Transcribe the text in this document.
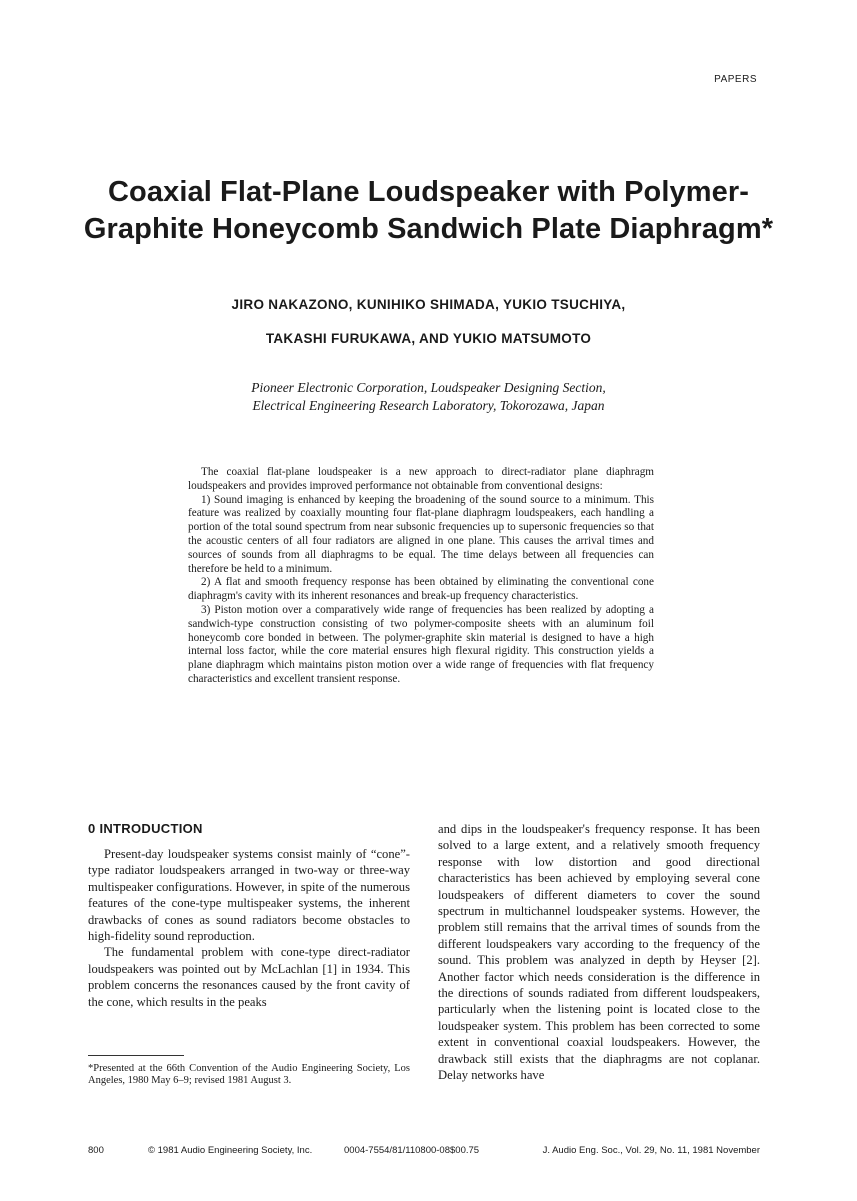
PAPERS
Coaxial Flat-Plane Loudspeaker with Polymer-Graphite Honeycomb Sandwich Plate Diaphragm*
JIRO NAKAZONO, KUNIHIKO SHIMADA, YUKIO TSUCHIYA,
TAKASHI FURUKAWA, AND YUKIO MATSUMOTO
Pioneer Electronic Corporation, Loudspeaker Designing Section,
Electrical Engineering Research Laboratory, Tokorozawa, Japan

The coaxial flat-plane loudspeaker is a new approach to direct-radiator plane diaphragm loudspeakers and provides improved performance not obtainable from conventional designs:

1) Sound imaging is enhanced by keeping the broadening of the sound source to a minimum. This feature was realized by coaxially mounting four flat-plane diaphragm loudspeakers, each handling a portion of the total sound spectrum from near subsonic frequencies up to supersonic frequencies so that the acoustic centers of all four radiators are aligned in one plane. This causes the arrival times and sources of sounds from all diaphragms to be equal. The time delays between all frequencies can therefore be held to a minimum.

2) A flat and smooth frequency response has been obtained by eliminating the conventional cone diaphragm's cavity with its inherent resonances and break-up frequency characteristics.

3) Piston motion over a comparatively wide range of frequencies has been realized by adopting a sandwich-type construction consisting of two polymer-composite sheets with an aluminum foil honeycomb core bonded in between. The polymer-graphite skin material is designed to have a high internal loss factor, while the core material ensures high flexural rigidity. This construction yields a plane diaphragm which maintains piston motion over a wide range of frequencies with flat frequency characteristics and excellent transient response.

0 INTRODUCTION

Present-day loudspeaker systems consist mainly of “cone”-type radiator loudspeakers arranged in two-way or three-way multispeaker configurations. However, in spite of the numerous features of the cone-type multispeaker systems, the inherent drawbacks of cones as sound radiators become obstacles to high-fidelity sound reproduction.

The fundamental problem with cone-type direct-radiator loudspeakers was pointed out by McLachlan [1] in 1934. This problem concerns the resonances caused by the front cavity of the cone, which results in the peaks

and dips in the loudspeaker's frequency response. It has been solved to a large extent, and a relatively smooth frequency response with low distortion and good directional characteristics has been achieved by employing several cone loudspeakers of different diameters to cover the sound spectrum in multichannel loudspeaker systems. However, the problem still remains that the arrival times of sounds from the different loudspeakers vary according to the frequency of the sound. This problem was analyzed in depth by Heyser [2]. Another factor which needs consideration is the difference in the directions of sounds radiated from different loudspeakers, particularly when the listening point is located close to the loudspeaker system. This problem has been corrected to some extent in conventional coaxial loudspeakers. However, the drawback still exists that the diaphragms are not coplanar. Delay networks have

*Presented at the 66th Convention of the Audio Engineering Society, Los Angeles, 1980 May 6–9; revised 1981 August 3.
800	© 1981 Audio Engineering Society, Inc.	0004-7554/81/110800-08$00.75	J. Audio Eng. Soc., Vol. 29, No. 11, 1981 November
